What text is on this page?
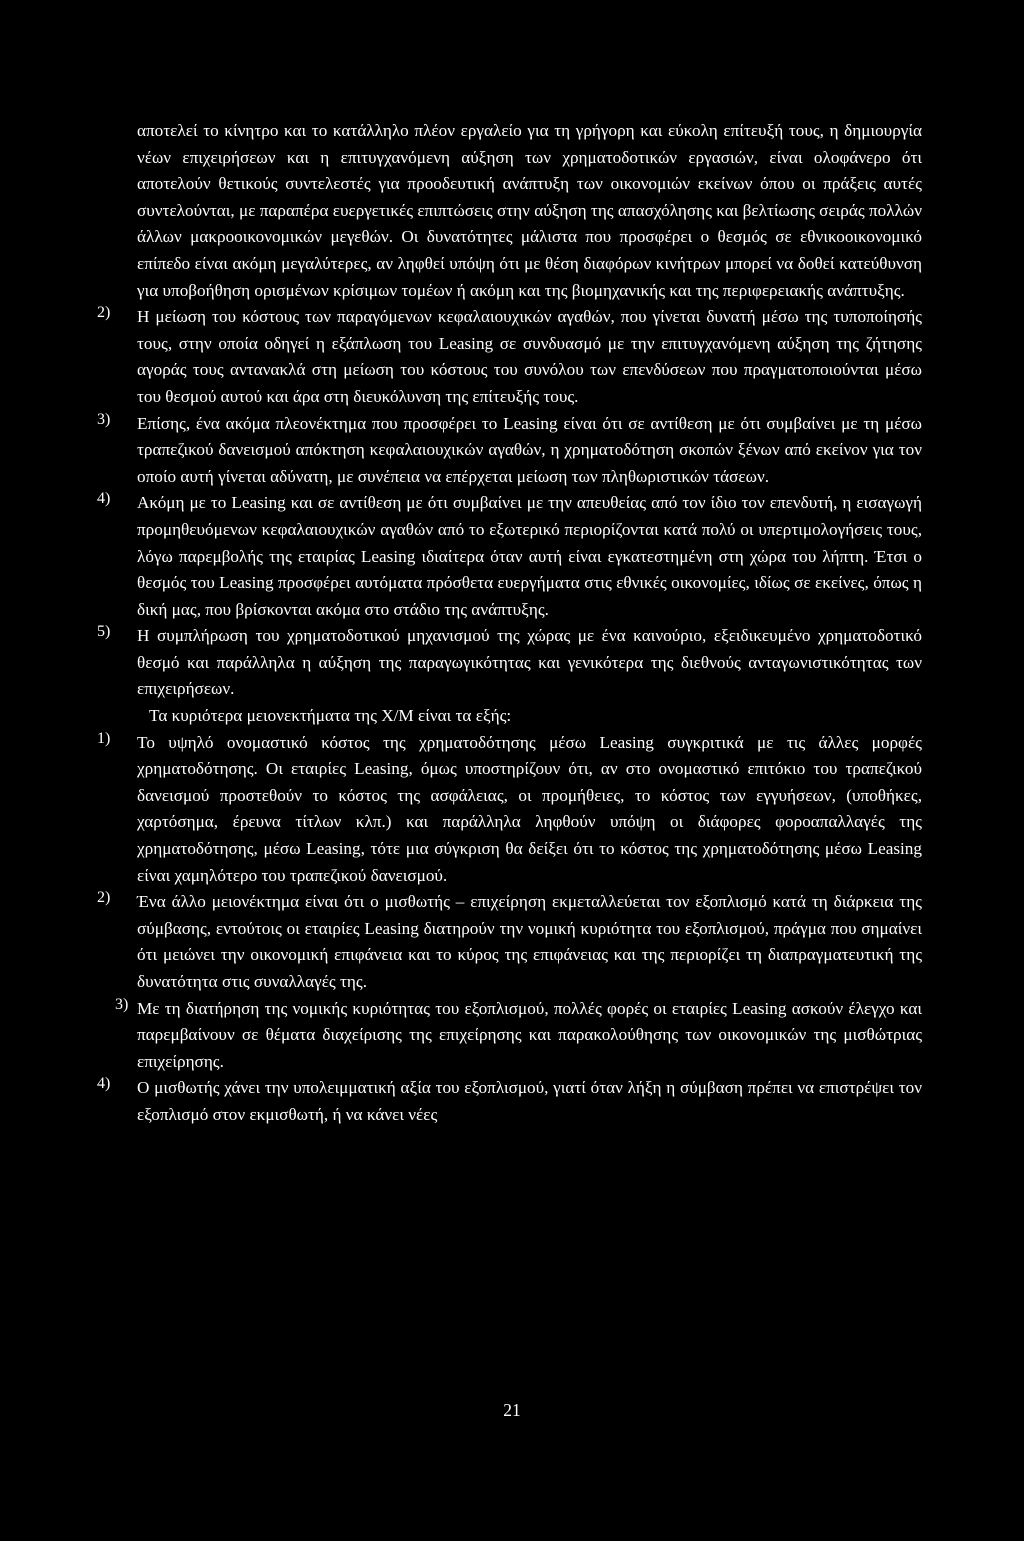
αποτελεί το κίνητρο και το κατάλληλο πλέον εργαλείο για τη γρήγορη και εύκολη επίτευξή τους, η δημιουργία νέων επιχειρήσεων και η επιτυγχανόμενη αύξηση των χρηματοδοτικών εργασιών, είναι ολοφάνερο ότι αποτελούν θετικούς συντελεστές για προοδευτική ανάπτυξη των οικονομιών εκείνων όπου οι πράξεις αυτές συντελούνται, με παραπέρα ευεργετικές επιπτώσεις στην αύξηση της απασχόλησης και βελτίωσης σειράς πολλών άλλων μακροοικονομικών μεγεθών. Οι δυνατότητες μάλιστα που προσφέρει ο θεσμός σε εθνικοοικονομικό επίπεδο είναι ακόμη μεγαλύτερες, αν ληφθεί υπόψη ότι με θέση διαφόρων κινήτρων μπορεί να δοθεί κατεύθυνση για υποβοήθηση ορισμένων κρίσιμων τομέων ή ακόμη και της βιομηχανικής και της περιφερειακής ανάπτυξης.

2)	Η μείωση του κόστους των παραγόμενων κεφαλαιουχικών αγαθών, που γίνεται δυνατή μέσω της τυποποίησής τους, στην οποία οδηγεί η εξάπλωση του Leasing σε συνδυασμό με την επιτυγχανόμενη αύξηση της ζήτησης αγοράς τους αντανακλά στη μείωση του κόστους του συνόλου των επενδύσεων που πραγματοποιούνται μέσω του θεσμού αυτού και άρα στη διευκόλυνση της επίτευξής τους.

3)	Επίσης, ένα ακόμα πλεονέκτημα που προσφέρει το Leasing είναι ότι σε αντίθεση με ότι συμβαίνει με τη μέσω τραπεζικού δανεισμού απόκτηση κεφαλαιουχικών αγαθών, η χρηματοδότηση σκοπών ξένων από εκείνον για τον οποίο αυτή γίνεται αδύνατη, με συνέπεια να επέρχεται μείωση των πληθωριστικών τάσεων.

4)	Ακόμη με το Leasing και σε αντίθεση με ότι συμβαίνει με την απευθείας από τον ίδιο τον επενδυτή, η εισαγωγή προμηθευόμενων κεφαλαιουχικών αγαθών από το εξωτερικό περιορίζονται κατά πολύ οι υπερτιμολογήσεις τους, λόγω παρεμβολής της εταιρίας Leasing ιδιαίτερα όταν αυτή είναι εγκατεστημένη στη χώρα του λήπτη. Έτσι ο θεσμός του Leasing προσφέρει αυτόματα πρόσθετα ευεργήματα στις εθνικές οικονομίες, ιδίως σε εκείνες, όπως η δική μας, που βρίσκονται ακόμα στο στάδιο της ανάπτυξης.

5)	Η συμπλήρωση του χρηματοδοτικού μηχανισμού της χώρας με ένα καινούριο, εξειδικευμένο χρηματοδοτικό θεσμό και παράλληλα η αύξηση της παραγωγικότητας και γενικότερα της διεθνούς ανταγωνιστικότητας των επιχειρήσεων.

Τα κυριότερα μειονεκτήματα της Χ/Μ είναι τα εξής:

1)	Το υψηλό ονομαστικό κόστος της χρηματοδότησης μέσω Leasing συγκριτικά με τις άλλες μορφές χρηματοδότησης. Οι εταιρίες Leasing, όμως υποστηρίζουν ότι, αν στο ονομαστικό επιτόκιο του τραπεζικού δανεισμού προστεθούν το κόστος της ασφάλειας, οι προμήθειες, το κόστος των εγγυήσεων, (υποθήκες, χαρτόσημα, έρευνα τίτλων κλπ.) και παράλληλα ληφθούν υπόψη οι διάφορες φοροαπαλλαγές της χρηματοδότησης, μέσω Leasing, τότε μια σύγκριση θα δείξει ότι το κόστος της χρηματοδότησης μέσω Leasing είναι χαμηλότερο του τραπεζικού δανεισμού.

2)	Ένα άλλο μειονέκτημα είναι ότι ο μισθωτής – επιχείρηση εκμεταλλεύεται τον εξοπλισμό κατά τη διάρκεια της σύμβασης, εντούτοις οι εταιρίες Leasing διατηρούν την νομική κυριότητα του εξοπλισμού, πράγμα που σημαίνει ότι μειώνει την οικονομική επιφάνεια και το κύρος της επιφάνειας και της περιορίζει τη διαπραγματευτική της δυνατότητα στις συναλλαγές της.

3) Με τη διατήρηση της νομικής κυριότητας του εξοπλισμού, πολλές φορές οι εταιρίες Leasing ασκούν έλεγχο και παρεμβαίνουν σε θέματα διαχείρισης της επιχείρησης και παρακολούθησης των οικονομικών της μισθώτριας επιχείρησης.

4)	Ο μισθωτής χάνει την υπολειμματική αξία του εξοπλισμού, γιατί όταν λήξη η σύμβαση πρέπει να επιστρέψει τον εξοπλισμό στον εκμισθωτή, ή να κάνει νέες

21
